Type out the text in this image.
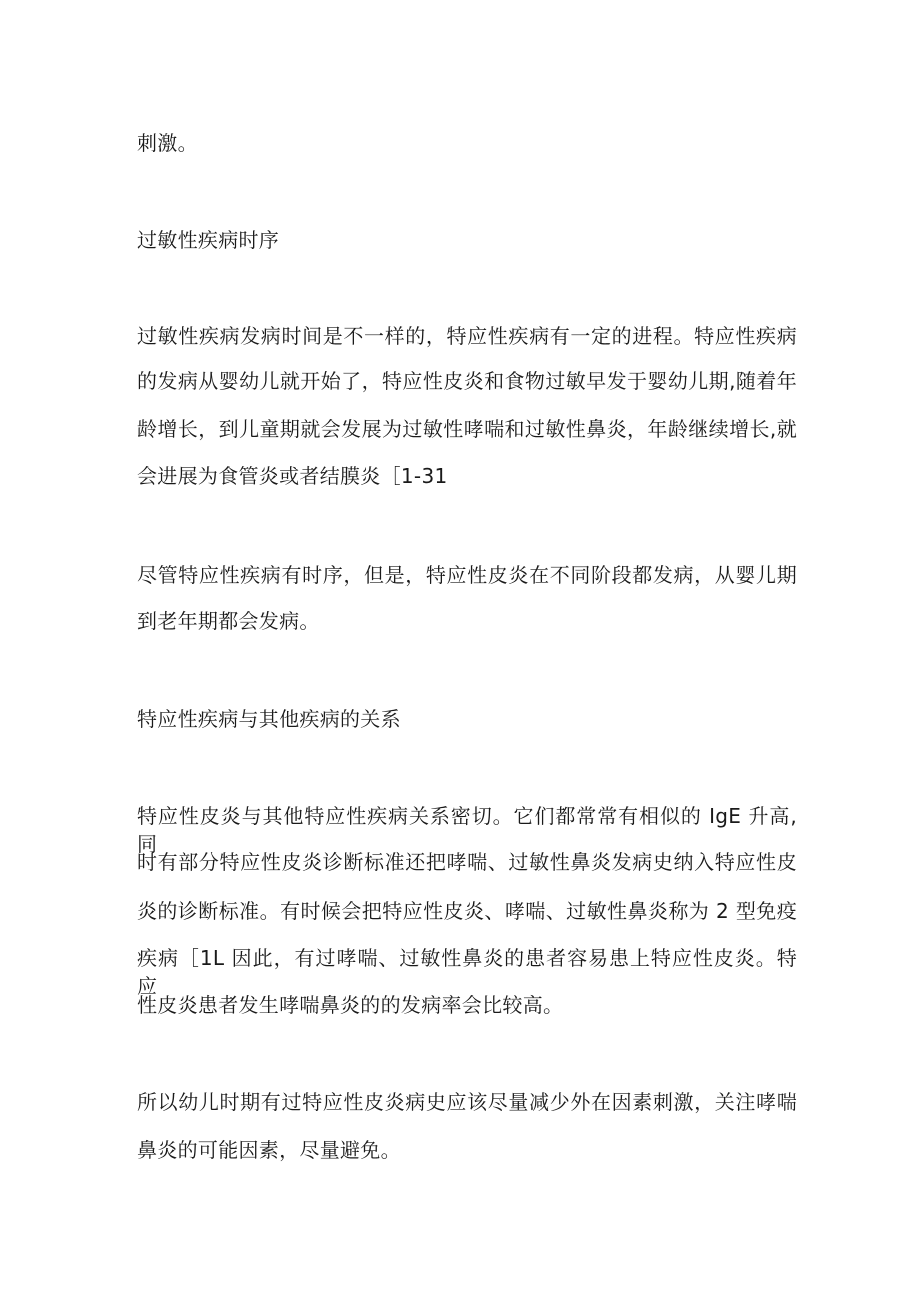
刺激。
过敏性疾病时序
过敏性疾病发病时间是不一样的，特应性疾病有一定的进程。特应性疾病
的发病从婴幼儿就开始了，特应性皮炎和食物过敏早发于婴幼儿期,随着年
龄增长，到儿童期就会发展为过敏性哮喘和过敏性鼻炎，年龄继续增长,就
会进展为食管炎或者结膜炎［1-31
尽管特应性疾病有时序，但是，特应性皮炎在不同阶段都发病，从婴儿期
到老年期都会发病。
特应性疾病与其他疾病的关系
特应性皮炎与其他特应性疾病关系密切。它们都常常有相似的 IgE 升高,同
时有部分特应性皮炎诊断标准还把哮喘、过敏性鼻炎发病史纳入特应性皮
炎的诊断标准。有时候会把特应性皮炎、哮喘、过敏性鼻炎称为 2 型免疫
疾病［1L 因此，有过哮喘、过敏性鼻炎的患者容易患上特应性皮炎。特应
性皮炎患者发生哮喘鼻炎的的发病率会比较高。
所以幼儿时期有过特应性皮炎病史应该尽量减少外在因素刺激，关注哮喘
鼻炎的可能因素，尽量避免。
